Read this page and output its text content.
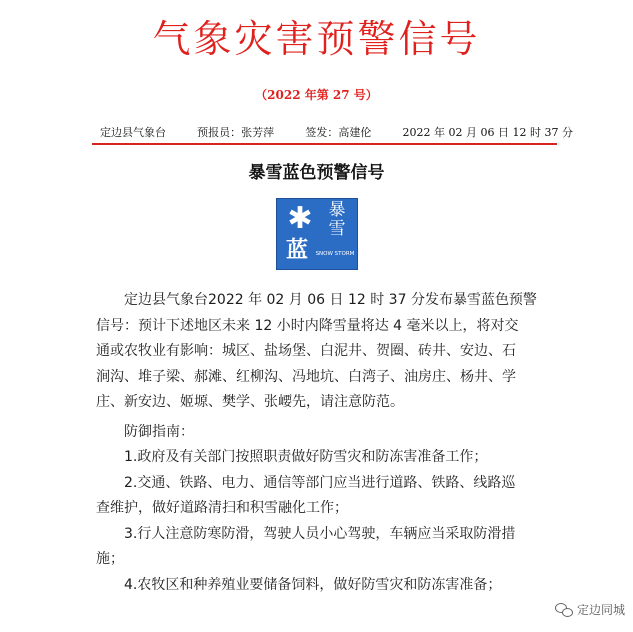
气象灾害预警信号
（2022 年第 27 号）
定边县气象台	预报员：张芳萍	签发：高建伦	2022 年 02 月 06 日 12 时 37 分
暴雪蓝色预警信号
✱ 暴雪
蓝	SNOW STORM

定边县气象台2022 年 02 月 06 日 12 时 37 分发布暴雪蓝色预警

信号：预计下述地区未来 12 小时内降雪量将达 4 毫米以上，将对交

通或农牧业有影响：城区、盐场堡、白泥井、贺圈、砖井、安边、石

涧沟、堆子梁、郝滩、红柳沟、冯地坑、白湾子、油房庄、杨井、学

庄、新安边、姬塬、樊学、张崾先，请注意防范。

防御指南：

1.政府及有关部门按照职责做好防雪灾和防冻害准备工作；

2.交通、铁路、电力、通信等部门应当进行道路、铁路、线路巡

查维护，做好道路清扫和积雪融化工作；

3.行人注意防寒防滑，驾驶人员小心驾驶，车辆应当采取防滑措

施；

4.农牧区和种养殖业要储备饲料，做好防雪灾和防冻害准备；

定边同城
